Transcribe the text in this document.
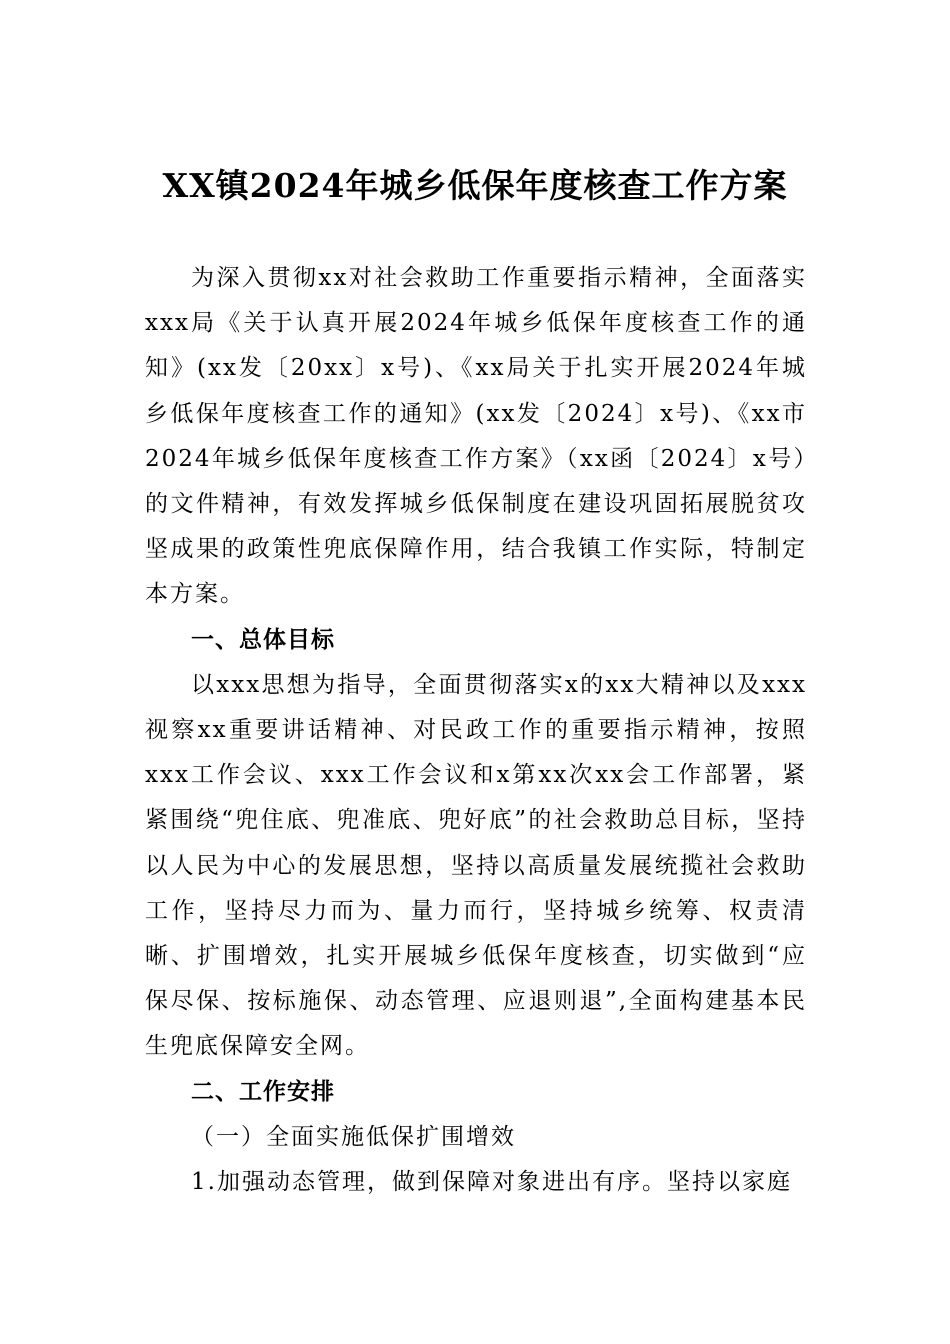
XX镇2024年城乡低保年度核查工作方案

为深入贯彻xx对社会救助工作重要指示精神，全面落实xxx局《关于认真开展2024年城乡低保年度核查工作的通知》(xx发〔20xx〕x号)、《xx局关于扎实开展2024年城乡低保年度核查工作的通知》(xx发〔2024〕x号)、《xx市2024年城乡低保年度核查工作方案》（xx函〔2024〕x号）的文件精神，有效发挥城乡低保制度在建设巩固拓展脱贫攻坚成果的政策性兜底保障作用，结合我镇工作实际，特制定本方案。

一、总体目标

以xxx思想为指导，全面贯彻落实x的xx大精神以及xxx视察xx重要讲话精神、对民政工作的重要指示精神，按照xxx工作会议、xxx工作会议和x第xx次xx会工作部署，紧紧围绕“兜住底、兜准底、兜好底”的社会救助总目标，坚持以人民为中心的发展思想，坚持以高质量发展统揽社会救助工作，坚持尽力而为、量力而行，坚持城乡统筹、权责清晰、扩围增效，扎实开展城乡低保年度核查，切实做到“应保尽保、按标施保、动态管理、应退则退”,全面构建基本民生兜底保障安全网。

二、工作安排

（一）全面实施低保扩围增效

1.加强动态管理，做到保障对象进出有序。坚持以家庭
